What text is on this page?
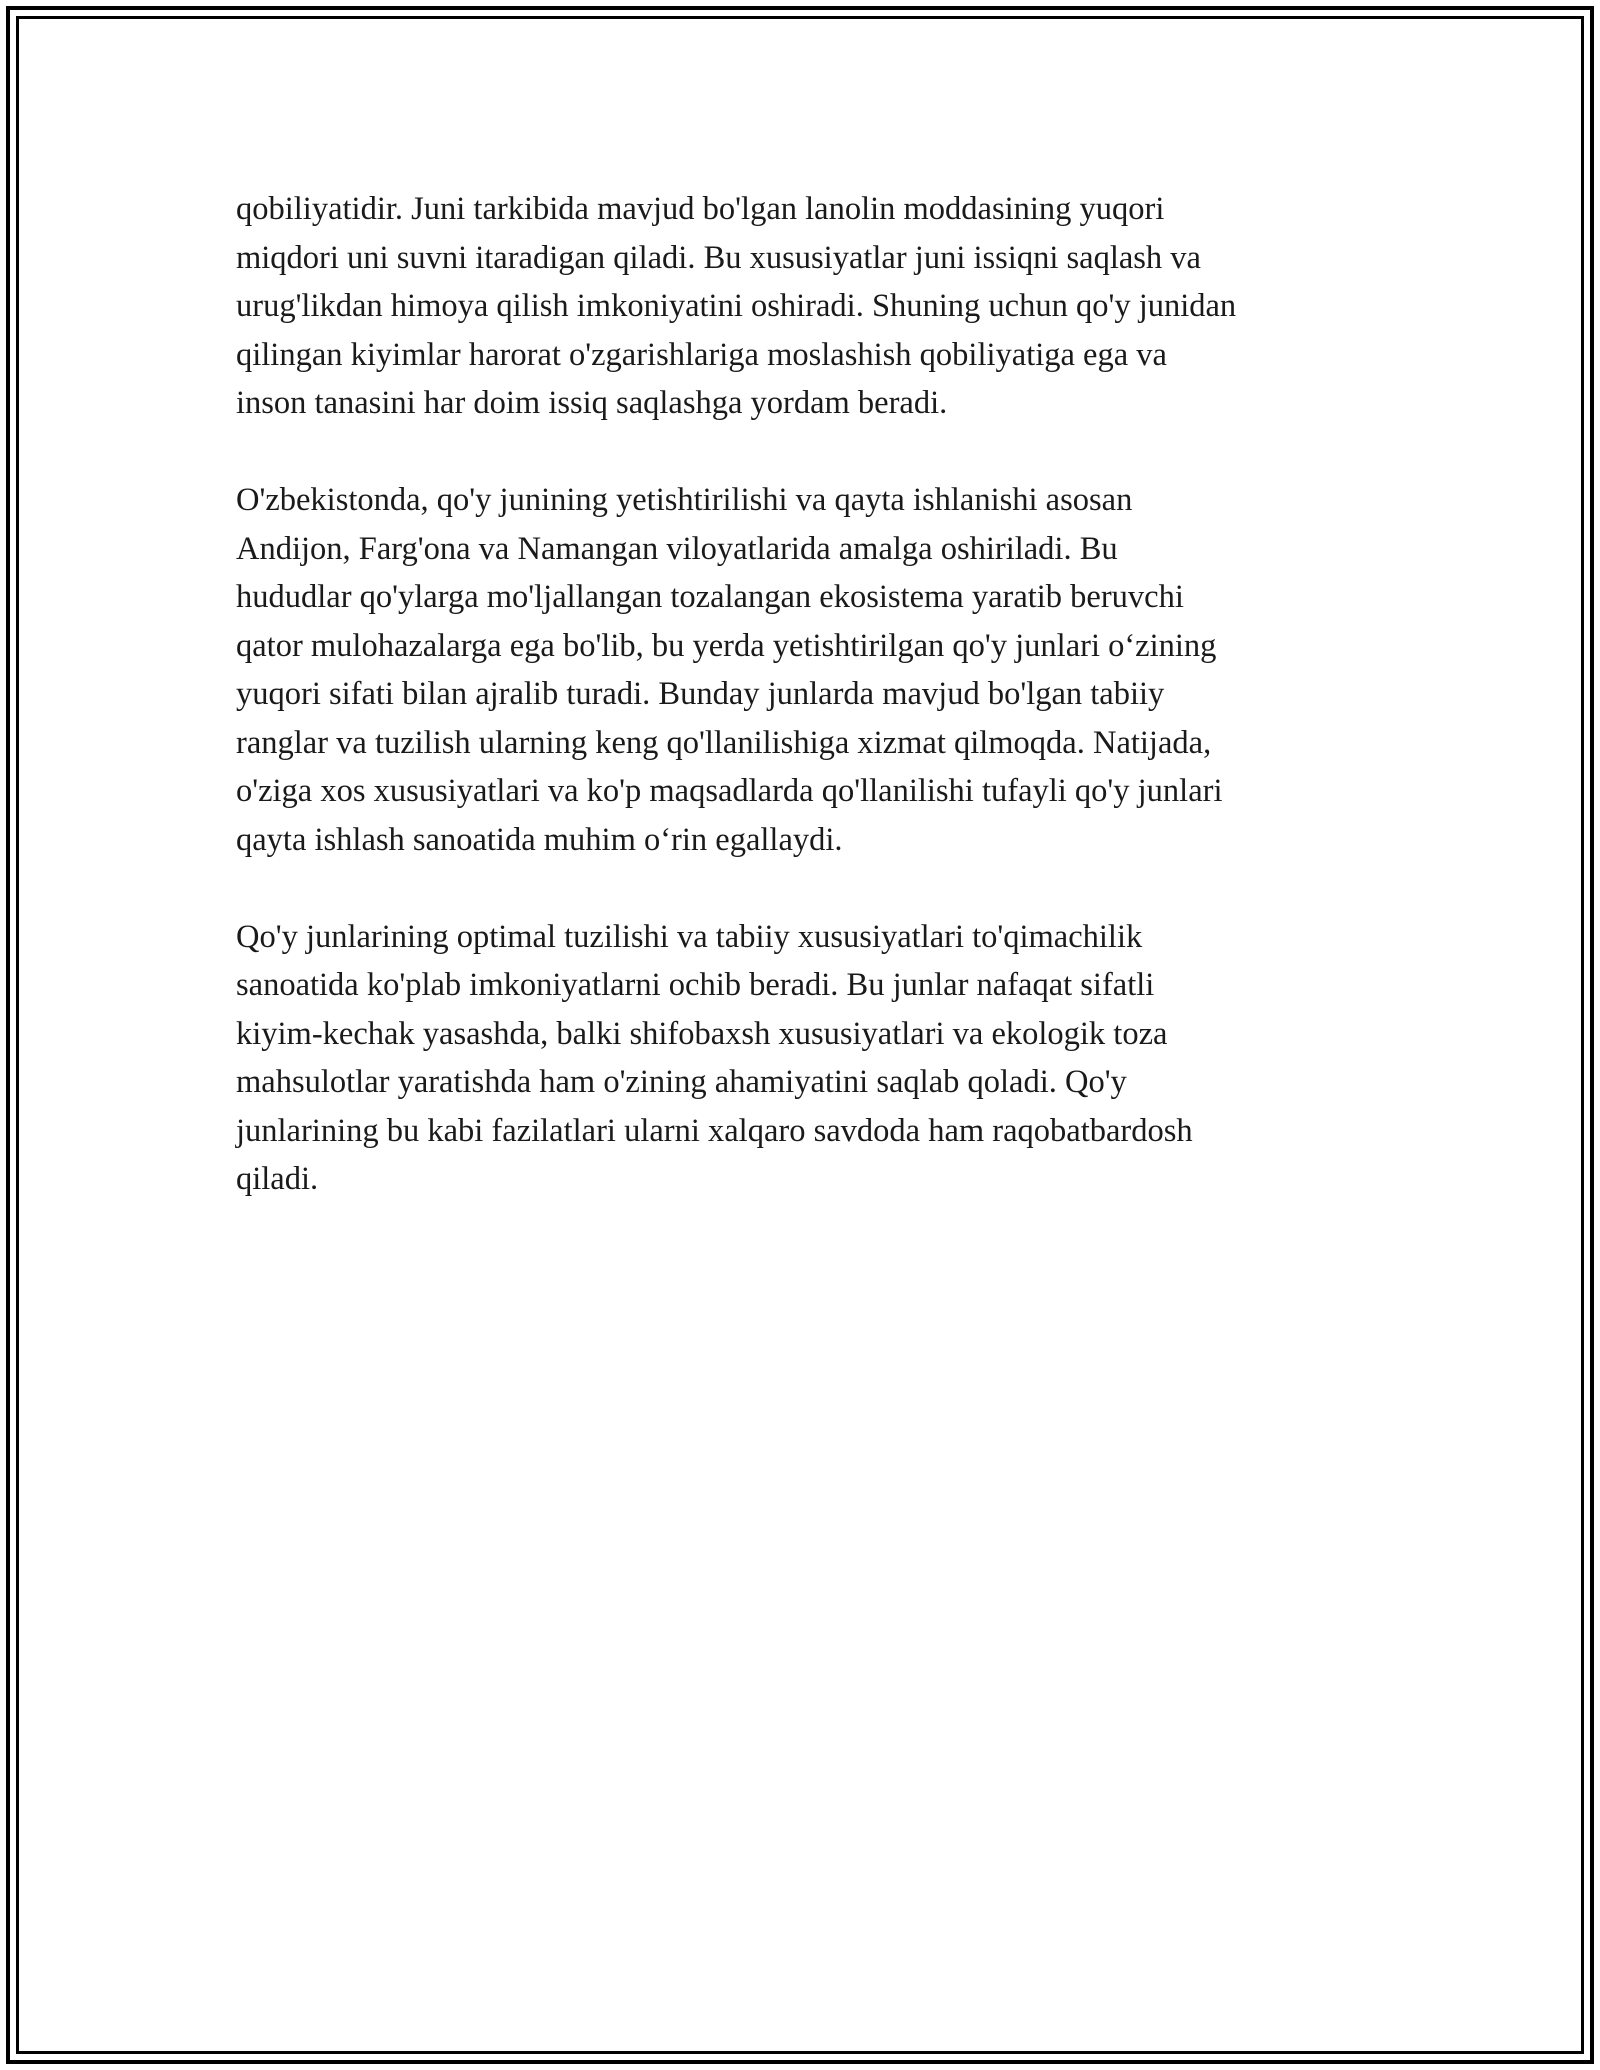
qobiliyatidir. Juni tarkibida mavjud bo'lgan lanolin moddasining yuqori
miqdori uni suvni itaradigan qiladi. Bu xususiyatlar juni issiqni saqlash va
urug'likdan himoya qilish imkoniyatini oshiradi. Shuning uchun qo'y junidan
qilingan kiyimlar harorat o'zgarishlariga moslashish qobiliyatiga ega va
inson tanasini har doim issiq saqlashga yordam beradi.
O'zbekistonda, qo'y junining yetishtirilishi va qayta ishlanishi asosan
Andijon, Farg'ona va Namangan viloyatlarida amalga oshiriladi. Bu
hududlar qo'ylarga mo'ljallangan tozalangan ekosistema yaratib beruvchi
qator mulohazalarga ega bo'lib, bu yerda yetishtirilgan qo'y junlari o‘zining
yuqori sifati bilan ajralib turadi. Bunday junlarda mavjud bo'lgan tabiiy
ranglar va tuzilish ularning keng qo'llanilishiga xizmat qilmoqda. Natijada,
o'ziga xos xususiyatlari va ko'p maqsadlarda qo'llanilishi tufayli qo'y junlari
qayta ishlash sanoatida muhim o‘rin egallaydi.
Qo'y junlarining optimal tuzilishi va tabiiy xususiyatlari to'qimachilik
sanoatida ko'plab imkoniyatlarni ochib beradi. Bu junlar nafaqat sifatli
kiyim-kechak yasashda, balki shifobaxsh xususiyatlari va ekologik toza
mahsulotlar yaratishda ham o'zining ahamiyatini saqlab qoladi. Qo'y
junlarining bu kabi fazilatlari ularni xalqaro savdoda ham raqobatbardosh
qiladi.
